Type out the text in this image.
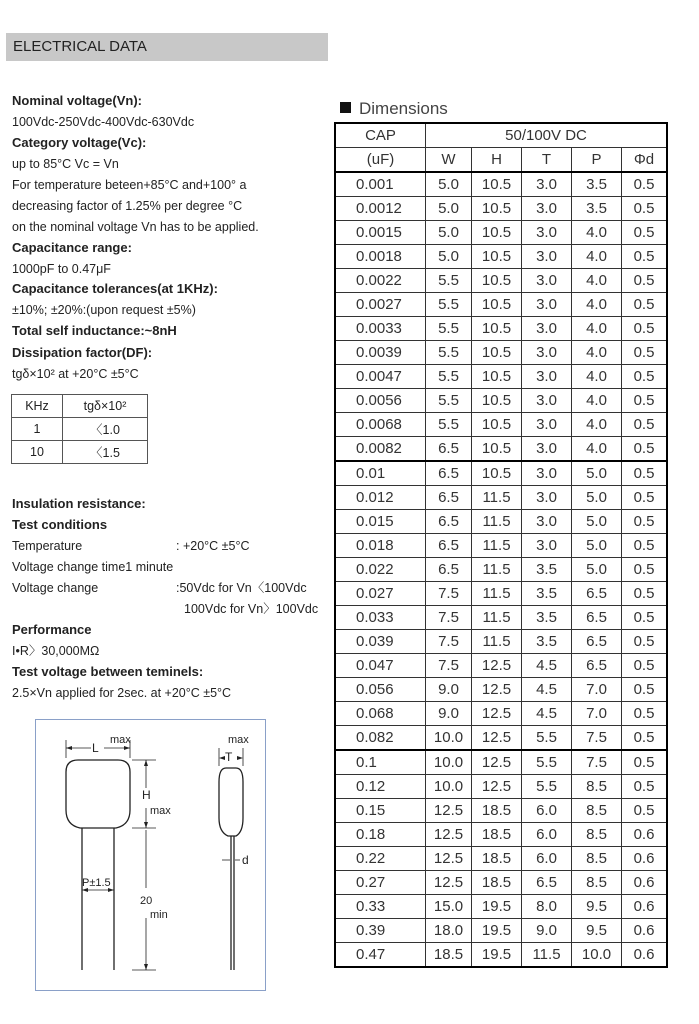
ELECTRICAL DATA
Nominal voltage(Vn):
100Vdc-250Vdc-400Vdc-630Vdc
Category voltage(Vc):
up to 85°C Vc = Vn
For temperature beteen+85°C and+100° a
decreasing factor of 1.25% per degree °C
on the nominal voltage Vn has to be applied.
Capacitance range:
1000pF to 0.47μF
Capacitance tolerances(at 1KHz):
±10%; ±20%:(upon request ±5%)
Total self inductance:~8nH
Dissipation factor(DF):
tgδ×10² at +20°C ±5°C
KHz	tgδ×10²
1	〈1.0
10	〈1.5
Insulation resistance:
Test conditions
Temperature	: +20°C ±5°C
Voltage change time1 minute
Voltage change	:50Vdc for Vn〈100Vdc
100Vdc for Vn〉100Vdc
Performance
I•R〉30,000MΩ
Test voltage between teminels:
2.5×Vn applied for 2sec. at +20°C ±5°C
max
L
H
max
P±1.5
20
min
max
T
d
Dimensions
CAP	50/100V DC				
(uF)	W	H	T	P	Φd
0.001	5.0	10.5	3.0	3.5	0.5
0.0012	5.0	10.5	3.0	3.5	0.5
0.0015	5.0	10.5	3.0	4.0	0.5
0.0018	5.0	10.5	3.0	4.0	0.5
0.0022	5.5	10.5	3.0	4.0	0.5
0.0027	5.5	10.5	3.0	4.0	0.5
0.0033	5.5	10.5	3.0	4.0	0.5
0.0039	5.5	10.5	3.0	4.0	0.5
0.0047	5.5	10.5	3.0	4.0	0.5
0.0056	5.5	10.5	3.0	4.0	0.5
0.0068	5.5	10.5	3.0	4.0	0.5
0.0082	6.5	10.5	3.0	4.0	0.5
0.01	6.5	10.5	3.0	5.0	0.5
0.012	6.5	11.5	3.0	5.0	0.5
0.015	6.5	11.5	3.0	5.0	0.5
0.018	6.5	11.5	3.0	5.0	0.5
0.022	6.5	11.5	3.5	5.0	0.5
0.027	7.5	11.5	3.5	6.5	0.5
0.033	7.5	11.5	3.5	6.5	0.5
0.039	7.5	11.5	3.5	6.5	0.5
0.047	7.5	12.5	4.5	6.5	0.5
0.056	9.0	12.5	4.5	7.0	0.5
0.068	9.0	12.5	4.5	7.0	0.5
0.082	10.0	12.5	5.5	7.5	0.5
0.1	10.0	12.5	5.5	7.5	0.5
0.12	10.0	12.5	5.5	8.5	0.5
0.15	12.5	18.5	6.0	8.5	0.5
0.18	12.5	18.5	6.0	8.5	0.6
0.22	12.5	18.5	6.0	8.5	0.6
0.27	12.5	18.5	6.5	8.5	0.6
0.33	15.0	19.5	8.0	9.5	0.6
0.39	18.0	19.5	9.0	9.5	0.6
0.47	18.5	19.5	11.5	10.0	0.6
